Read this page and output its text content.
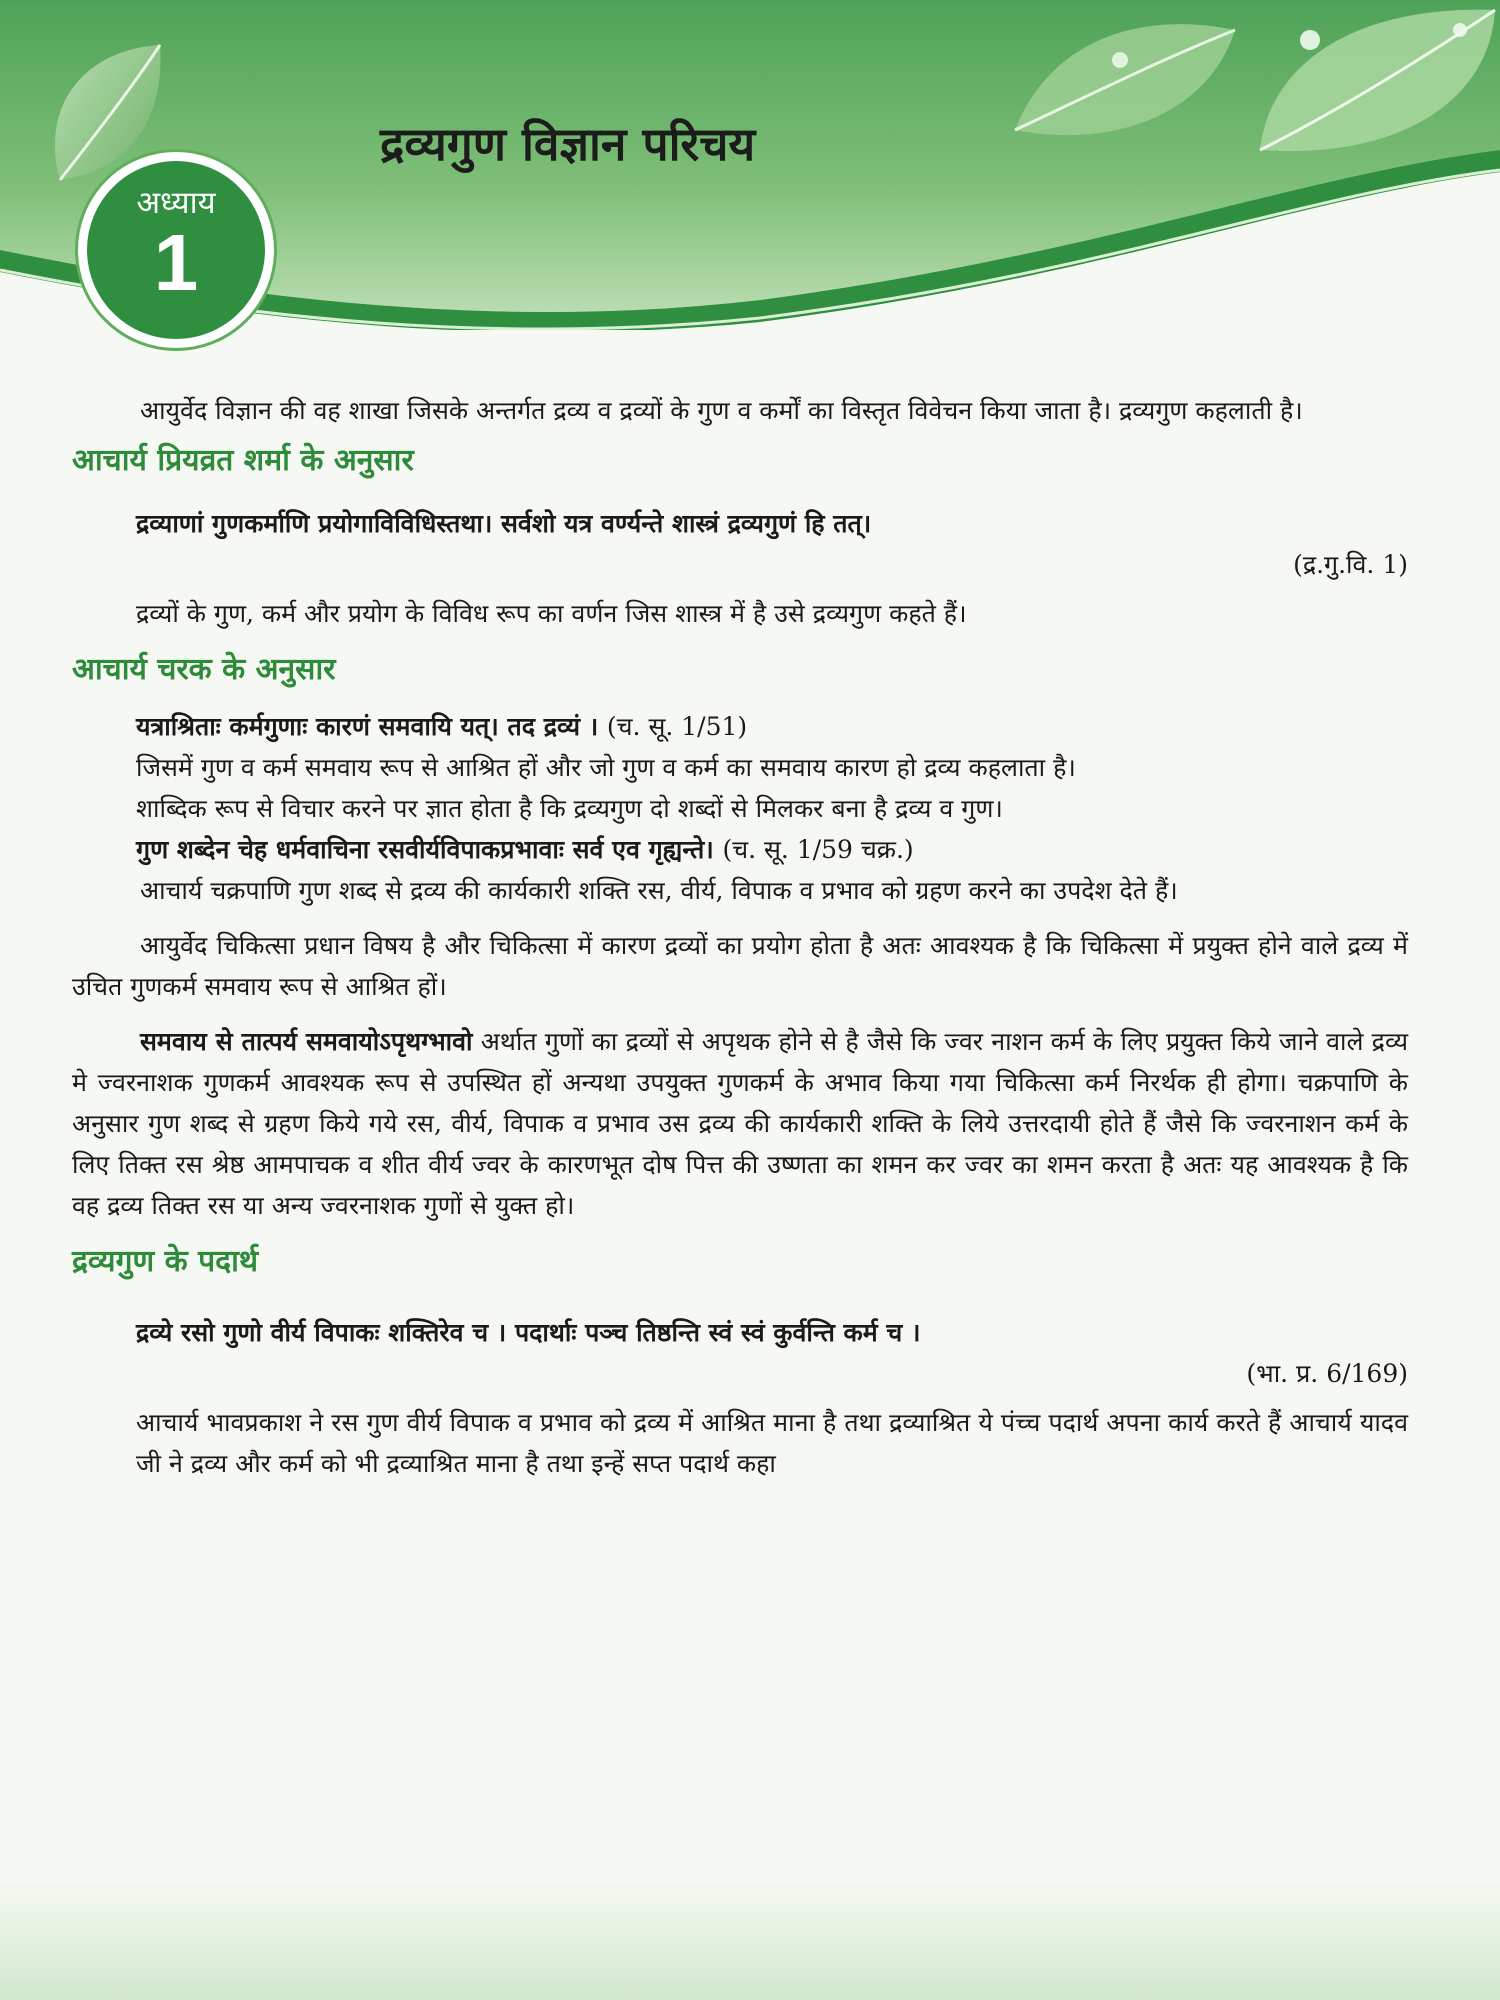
अध्याय
1
द्रव्यगुण विज्ञान परिचय

आयुर्वेद विज्ञान की वह शाखा जिसके अन्तर्गत द्रव्य व द्रव्यों के गुण व कर्मों का विस्तृत विवेचन किया जाता है। द्रव्यगुण कहलाती है।

आचार्य प्रियव्रत शर्मा के अनुसार
द्रव्याणां गुणकर्माणि प्रयोगाविविधिस्तथा। सर्वशो यत्र वर्ण्यन्ते शास्त्रं द्रव्यगुणं हि तत्।

(द्र.गु.वि. 1)

द्रव्यों के गुण, कर्म और प्रयोग के विविध रूप का वर्णन जिस शास्त्र में है उसे द्रव्यगुण कहते हैं।

आचार्य चरक के अनुसार
यत्राश्रिताः कर्मगुणाः कारणं समवायि यत्। तद द्रव्यं । (च. सू. 1/51)

जिसमें गुण व कर्म समवाय रूप से आश्रित हों और जो गुण व कर्म का समवाय कारण हो द्रव्य कहलाता है।

शाब्दिक रूप से विचार करने पर ज्ञात होता है कि द्रव्यगुण दो शब्दों से मिलकर बना है द्रव्य व गुण।

गुण शब्देन चेह धर्मवाचिना रसवीर्यविपाकप्रभावाः सर्व एव गृह्यन्ते। (च. सू. 1/59 चक्र.)

आचार्य चक्रपाणि गुण शब्द से द्रव्य की कार्यकारी शक्ति रस, वीर्य, विपाक व प्रभाव को ग्रहण करने का उपदेश देते हैं।

आयुर्वेद चिकित्सा प्रधान विषय है और चिकित्सा में कारण द्रव्यों का प्रयोग होता है अतः आवश्यक है कि चिकित्सा में प्रयुक्त होने वाले द्रव्य में उचित गुणकर्म समवाय रूप से आश्रित हों।

समवाय से तात्पर्य समवायोऽपृथग्भावो अर्थात गुणों का द्रव्यों से अपृथक होने से है जैसे कि ज्वर नाशन कर्म के लिए प्रयुक्त किये जाने वाले द्रव्य मे ज्वरनाशक गुणकर्म आवश्यक रूप से उपस्थित हों अन्यथा उपयुक्त गुणकर्म के अभाव किया गया चिकित्सा कर्म निरर्थक ही होगा। चक्रपाणि के अनुसार गुण शब्द से ग्रहण किये गये रस, वीर्य, विपाक व प्रभाव उस द्रव्य की कार्यकारी शक्ति के लिये उत्तरदायी होते हैं जैसे कि ज्वरनाशन कर्म के लिए तिक्त रस श्रेष्ठ आमपाचक व शीत वीर्य ज्वर के कारणभूत दोष पित्त की उष्णता का शमन कर ज्वर का शमन करता है अतः यह आवश्यक है कि वह द्रव्य तिक्त रस या अन्य ज्वरनाशक गुणों से युक्त हो।

द्रव्यगुण के पदार्थ
द्रव्ये रसो गुणो वीर्य विपाकः शक्तिरेव च । पदार्थाः पञ्च तिष्ठन्ति स्वं स्वं कुर्वन्ति कर्म च ।

(भा. प्र. 6/169)

आचार्य भावप्रकाश ने रस गुण वीर्य विपाक व प्रभाव को द्रव्य में आश्रित माना है तथा द्रव्याश्रित ये पंच्च पदार्थ अपना कार्य करते हैं आचार्य यादव जी ने द्रव्य और कर्म को भी द्रव्याश्रित माना है तथा इन्हें सप्त पदार्थ कहा
